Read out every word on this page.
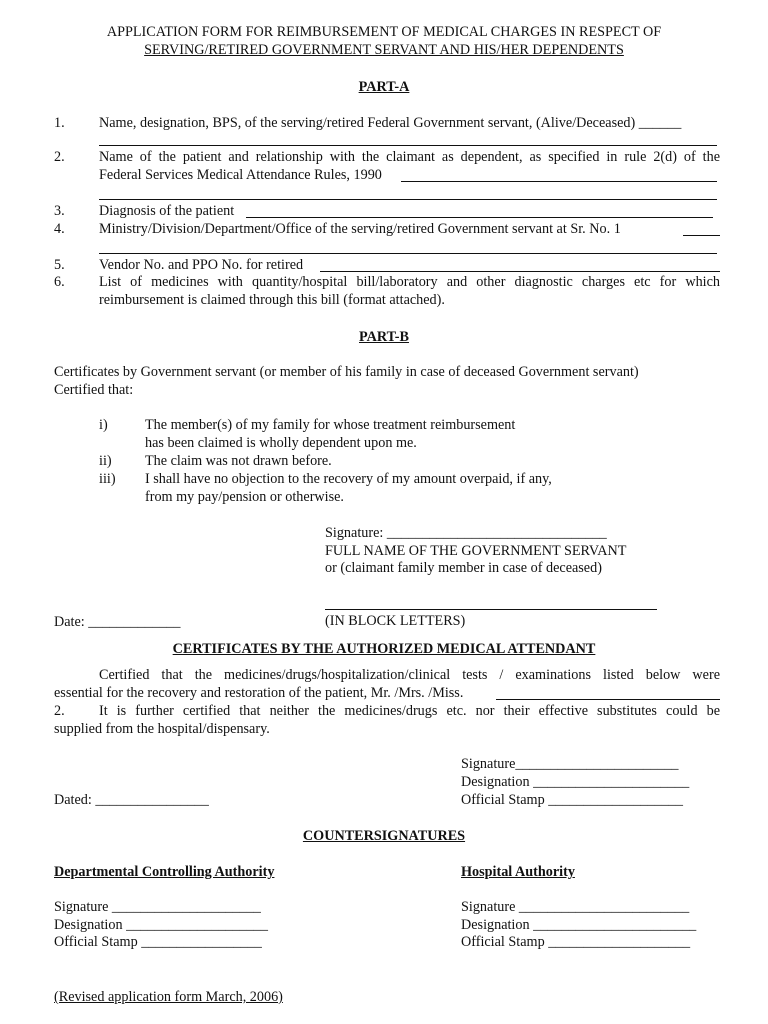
APPLICATION FORM FOR REIMBURSEMENT OF MEDICAL CHARGES IN RESPECT OF
SERVING/RETIRED GOVERNMENT SERVANT AND HIS/HER DEPENDENTS
PART-A
1. Name, designation, BPS, of the serving/retired Federal Government servant, (Alive/Deceased) ______
2. Name of the patient and relationship with the claimant as dependent, as specified in rule 2(d) of the
Federal Services Medical Attendance Rules, 1990
3. Diagnosis of the patient
4. Ministry/Division/Department/Office of the serving/retired Government servant at Sr. No. 1
5. Vendor No. and PPO No. for retired
6. List of medicines with quantity/hospital bill/laboratory and other diagnostic charges etc for which
reimbursement is claimed through this bill (format attached).
PART-B
Certificates by Government servant (or member of his family in case of deceased Government servant)
Certified that:
i)	The member(s) of my family for whose treatment reimbursement
has been claimed is wholly dependent upon me.
ii) The claim was not drawn before.
iii) I shall have no objection to the recovery of my amount overpaid, if any,
from my pay/pension or otherwise.
Signature: _______________________________
FULL NAME OF THE GOVERNMENT SERVANT
or (claimant family member in case of deceased)
Date: _____________	(IN BLOCK LETTERS)
CERTIFICATES BY THE AUTHORIZED MEDICAL ATTENDANT
Certified that the medicines/drugs/hospitalization/clinical tests / examinations listed below were
essential for the recovery and restoration of the patient, Mr. /Mrs. /Miss.
2. It is further certified that neither the medicines/drugs etc. nor their effective substitutes could be
supplied from the hospital/dispensary.
Signature_______________________
Designation ______________________
Official Stamp ___________________
Dated: ________________
COUNTERSIGNATURES
Departmental Controlling Authority	Hospital Authority
Signature _____________________
Designation ____________________
Official Stamp _________________
Signature ________________________
Designation _______________________
Official Stamp ____________________
(Revised application form March, 2006)
